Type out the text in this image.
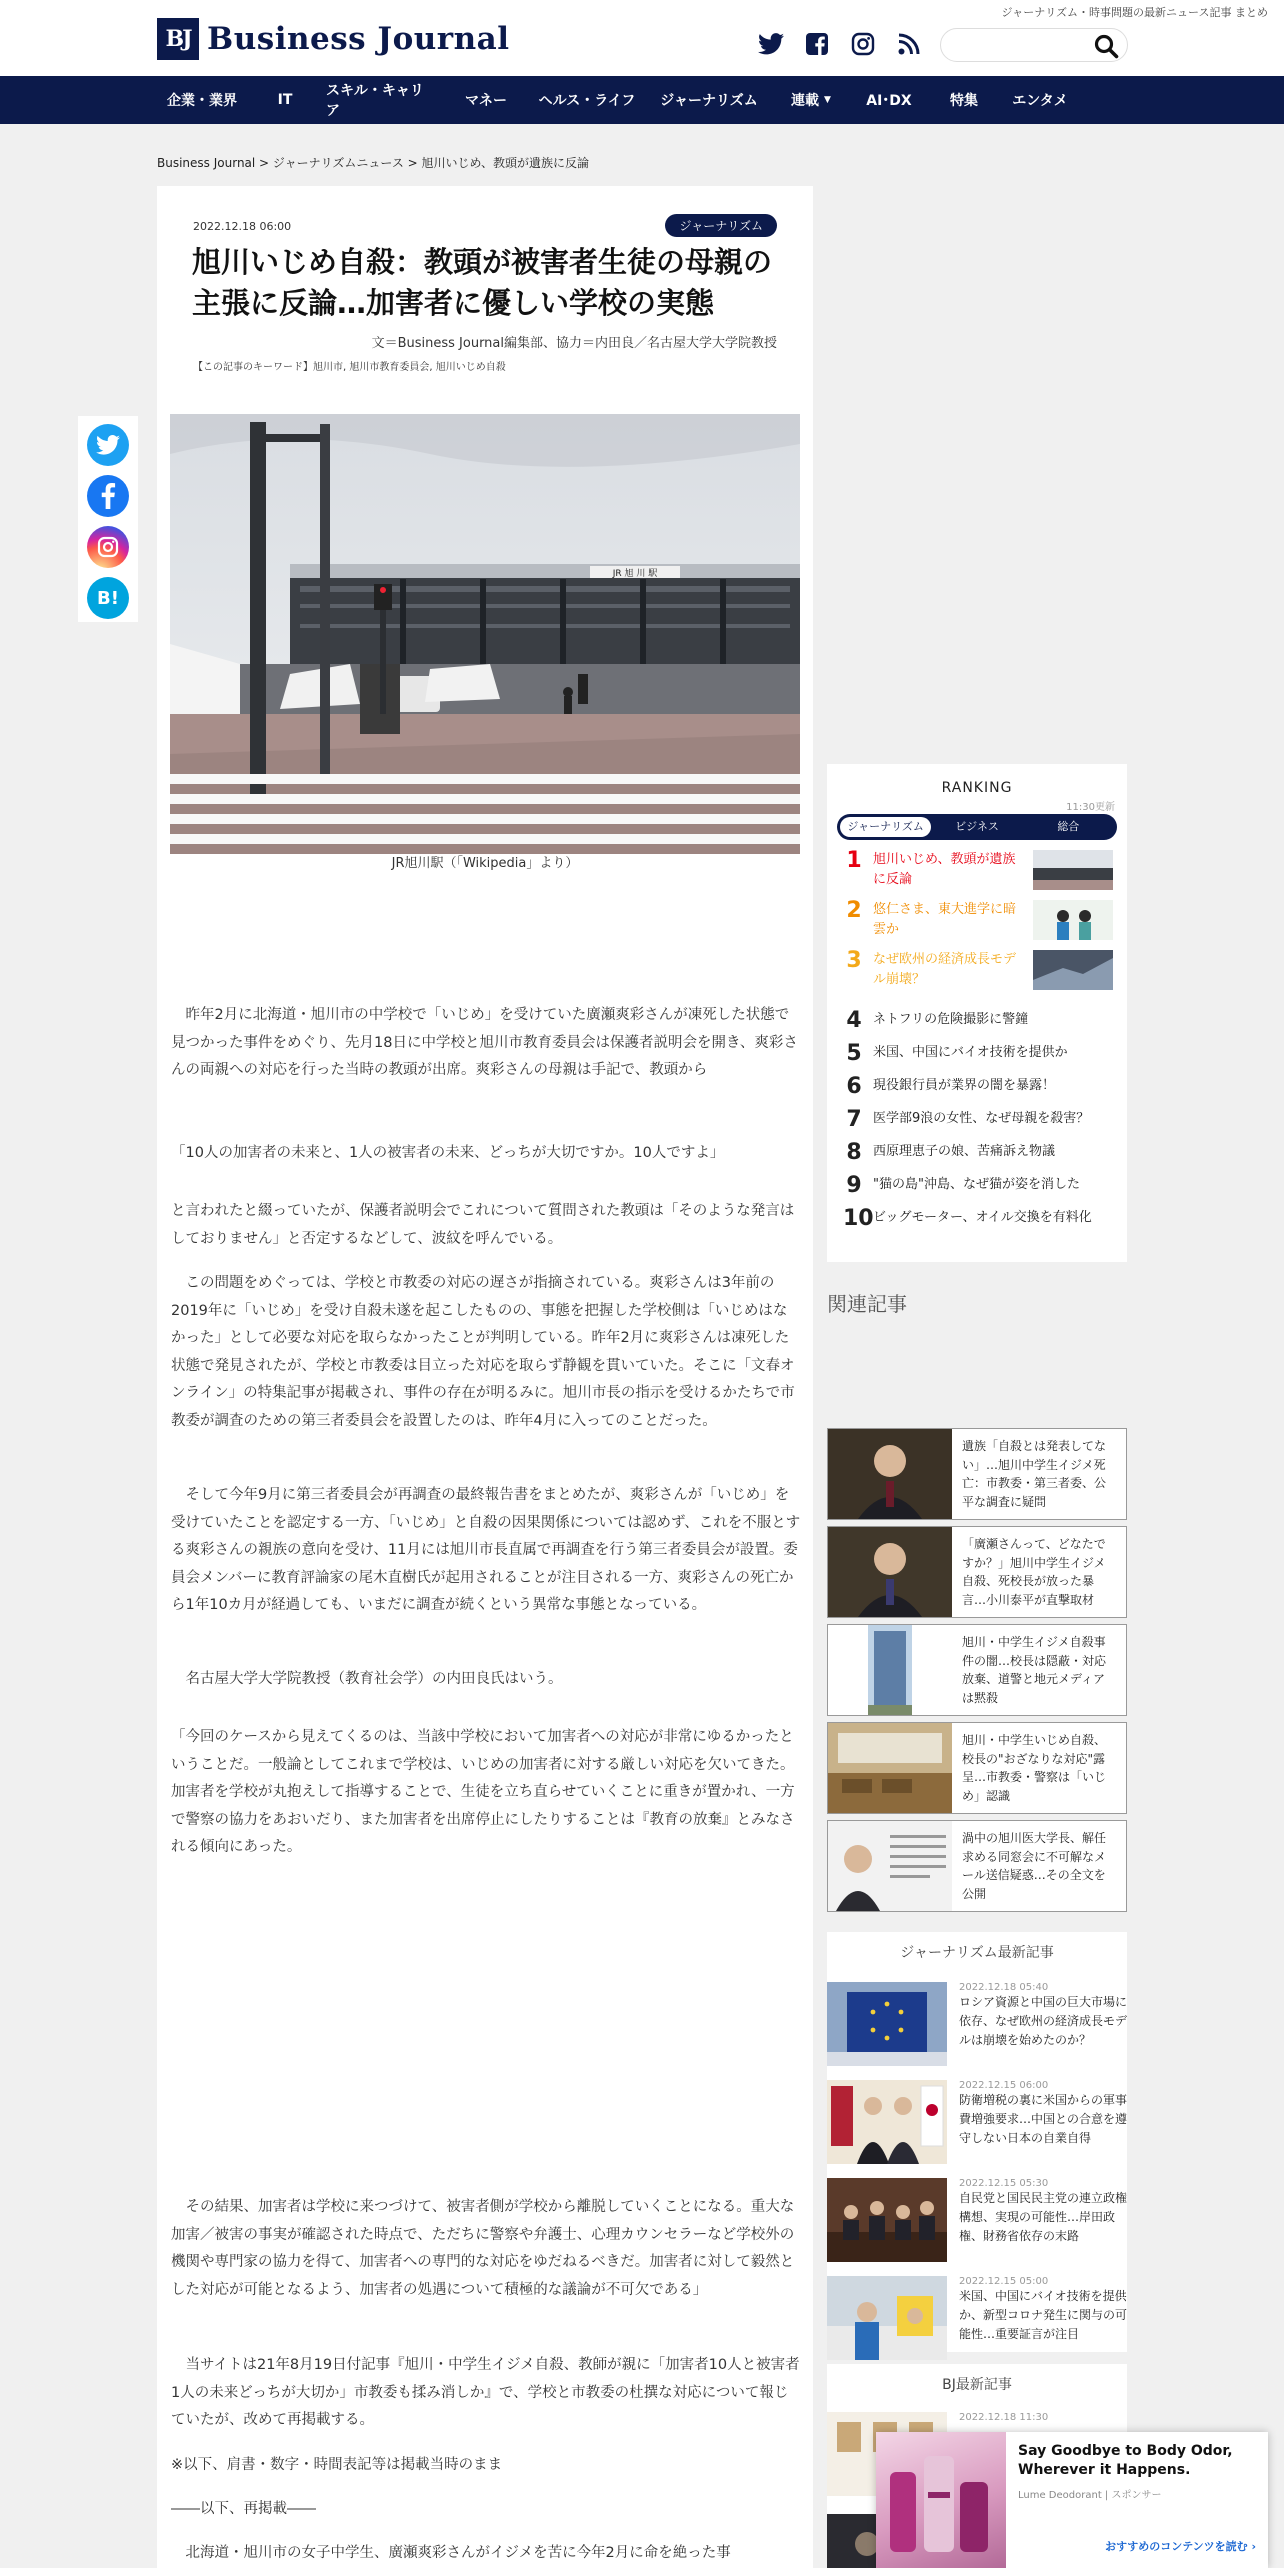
ジャーナリズム・時事問題の最新ニュース記事 まとめ
BJ Business Journal
企業・業界	IT
スキル・キャリア
マネー	ヘルス・ライフ	ジャーナリズム	連載 ▼	AI･DX	特集	エンタメ
Business Journal > ジャーナリズムニュース > 旭川いじめ、教頭が遺族に反論
B!
2022.12.18 06:00	ジャーナリズム
旭川いじめ自殺：教頭が被害者生徒の母親の主張に反論…加害者に優しい学校の実態
文＝Business Journal編集部、協力＝内田良／名古屋大学大学院教授
【この記事のキーワード】旭川市, 旭川市教育委員会, 旭川いじめ自殺
JR 旭 川 駅
JR旭川駅（「Wikipedia」より）

昨年2月に北海道・旭川市の中学校で「いじめ」を受けていた廣瀬爽彩さんが凍死した状態で見つかった事件をめぐり、先月18日に中学校と旭川市教育委員会は保護者説明会を開き、爽彩さんの両親への対応を行った当時の教頭が出席。爽彩さんの母親は手記で、教頭から

「10人の加害者の未来と、1人の被害者の未来、どっちが大切ですか。10人ですよ」

と言われたと綴っていたが、保護者説明会でこれについて質問された教頭は「そのような発言はしておりません」と否定するなどして、波紋を呼んでいる。

この問題をめぐっては、学校と市教委の対応の遅さが指摘されている。爽彩さんは3年前の2019年に「いじめ」を受け自殺未遂を起こしたものの、事態を把握した学校側は「いじめはなかった」として必要な対応を取らなかったことが判明している。昨年2月に爽彩さんは凍死した状態で発見されたが、学校と市教委は目立った対応を取らず静観を貫いていた。そこに「文春オンライン」の特集記事が掲載され、事件の存在が明るみに。旭川市長の指示を受けるかたちで市教委が調査のための第三者委員会を設置したのは、昨年4月に入ってのことだった。

そして今年9月に第三者委員会が再調査の最終報告書をまとめたが、爽彩さんが「いじめ」を受けていたことを認定する一方、「いじめ」と自殺の因果関係については認めず、これを不服とする爽彩さんの親族の意向を受け、11月には旭川市長直属で再調査を行う第三者委員会が設置。委員会メンバーに教育評論家の尾木直樹氏が起用されることが注目される一方、爽彩さんの死亡から1年10カ月が経過しても、いまだに調査が続くという異常な事態となっている。

名古屋大学大学院教授（教育社会学）の内田良氏はいう。

「今回のケースから見えてくるのは、当該中学校において加害者への対応が非常にゆるかったということだ。一般論としてこれまで学校は、いじめの加害者に対する厳しい対応を欠いてきた。加害者を学校が丸抱えして指導することで、生徒を立ち直らせていくことに重きが置かれ、一方で警察の協力をあおいだり、また加害者を出席停止にしたりすることは『教育の放棄』とみなされる傾向にあった。

その結果、加害者は学校に来つづけて、被害者側が学校から離脱していくことになる。重大な加害／被害の事実が確認された時点で、ただちに警察や弁護士、心理カウンセラーなど学校外の機関や専門家の協力を得て、加害者への専門的な対応をゆだねるべきだ。加害者に対して毅然とした対応が可能となるよう、加害者の処遇について積極的な議論が不可欠である」

当サイトは21年8月19日付記事『旭川・中学生イジメ自殺、教師が親に「加害者10人と被害者1人の未来どっちが大切か」市教委も揉み消しか』で、学校と市教委の杜撰な対応について報じていたが、改めて再掲載する。

※以下、肩書・数字・時間表記等は掲載当時のまま

――以下、再掲載――

北海道・旭川市の女子中学生、廣瀬爽彩さんがイジメを苦に今年2月に命を絶った事

RANKING
11:30更新
ジャーナリズム	ビジネス	総合
1 旭川いじめ、教頭が遺族に反論
2 悠仁さま、東大進学に暗雲か
3 なぜ欧州の経済成長モデル崩壊？
4 ネトフリの危険撮影に警鐘
5 米国、中国にバイオ技術を提供か
6 現役銀行員が業界の闇を暴露！
7 医学部9浪の女性、なぜ母親を殺害？
8 西原理恵子の娘、苦痛訴え物議
9 "猫の島"沖島、なぜ猫が姿を消した
10 ビッグモーター、オイル交換を有料化
関連記事
遺族「自殺とは発表してない」…旭川中学生イジメ死亡：市教委・第三者委、公平な調査に疑問
「廣瀬さんって、どなたですか？」旭川中学生イジメ自殺、死校長が放った暴言…小川泰平が直撃取材
旭川・中学生イジメ自殺事件の闇…校長は隠蔽・対応放棄、道警と地元メディアは黙殺
旭川・中学生いじめ自殺、校長の"おざなりな対応"露呈…市教委・警察は「いじめ」認識
渦中の旭川医大学長、解任求める同窓会に不可解なメール送信疑惑…その全文を公開
ジャーナリズム最新記事
2022.12.18 05:40
ロシア資源と中国の巨大市場に依存、なぜ欧州の経済成長モデルは崩壊を始めたのか？
2022.12.15 06:00
防衛増税の裏に米国からの軍事費増強要求…中国との合意を遵守しない日本の自業自得
2022.12.15 05:30
自民党と国民民主党の連立政権構想、実現の可能性…岸田政権、財務省依存の末路
2022.12.15 05:00
米国、中国にバイオ技術を提供か、新型コロナ発生に関与の可能性…重要証言が注目
BJ最新記事
2022.12.18 11:30
Say Goodbye to Body Odor, Wherever it Happens.
Lume Deodorant | スポンサー
おすすめのコンテンツを読む ›
